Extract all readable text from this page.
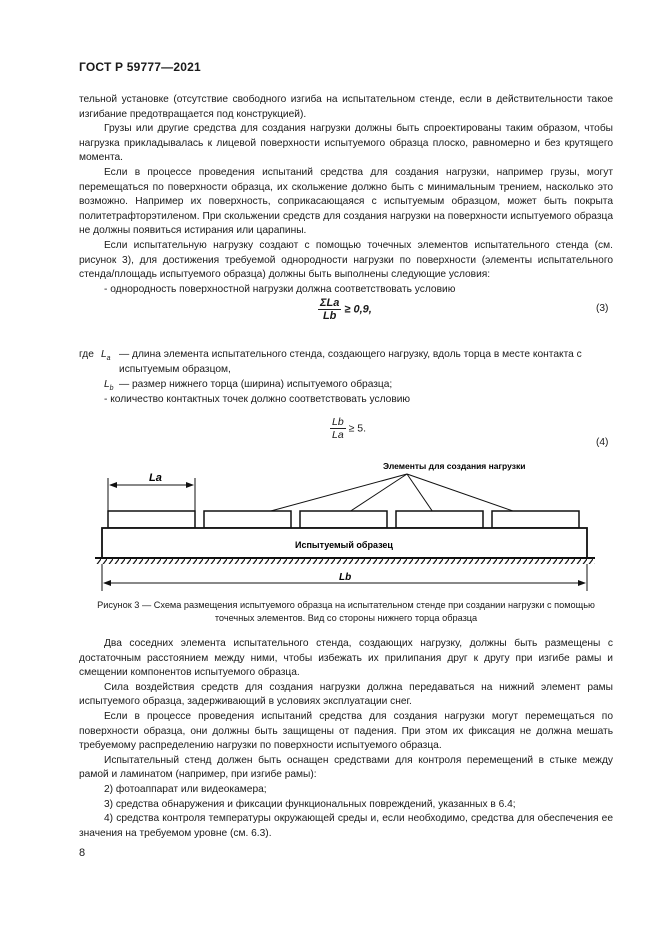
ГОСТ Р 59777—2021

тельной установке (отсутствие свободного изгиба на испытательном стенде, если в действительности такое изгибание предотвращается под конструкцией).

Грузы или другие средства для создания нагрузки должны быть спроектированы таким образом, чтобы нагрузка прикладывалась к лицевой поверхности испытуемого образца плоско, равномерно и без крутящего момента.

Если в процессе проведения испытаний средства для создания нагрузки, например грузы, могут перемещаться по поверхности образца, их скольжение должно быть с минимальным трением, насколько это возможно. Например их поверхность, соприкасающаяся с испытуемым образцом, может быть покрыта политетрафторэтиленом. При скольжении средств для создания нагрузки на поверхности испытуемого образца не должны появиться истирания или царапины.

Если испытательную нагрузку создают с помощью точечных элементов испытательного стенда (см. рисунок 3), для достижения требуемой однородности нагрузки по поверхности (элементы испытательного стенда/площадь испытуемого образца) должны быть выполнены следующие условия:

- однородность поверхностной нагрузки должна соответствовать условию

$\frac{\text{ΣLa}}{Lb} \ge 0,9$,	(3)
где $L_a$ — длина элемента испытательного стенда, создающего нагрузку, вдоль торца в месте контакта с испытуемым образцом,
$L_b$ — размер нижнего торца (ширина) испытуемого образца;
- количество контактных точек должно соответствовать условию
$\frac{Lb}{La} \ge 5$.
(4)
La
Элементы для создания нагрузки
Испытуемый образец
Lb
Рисунок 3 — Схема размещения испытуемого образца на испытательном стенде при создании нагрузки с помощью точечных элементов. Вид со стороны нижнего торца образца

Два соседних элемента испытательного стенда, создающих нагрузку, должны быть размещены с достаточным расстоянием между ними, чтобы избежать их прилипания друг к другу при изгибе рамы и смещении компонентов испытуемого образца.

Сила воздействия средств для создания нагрузки должна передаваться на нижний элемент рамы испытуемого образца, задерживающий в условиях эксплуатации снег.

Если в процессе проведения испытаний средства для создания нагрузки могут перемещаться по поверхности образца, они должны быть защищены от падения. При этом их фиксация не должна мешать требуемому распределению нагрузки по поверхности испытуемого образца.

Испытательный стенд должен быть оснащен средствами для контроля перемещений в стыке между рамой и ламинатом (например, при изгибе рамы):

2) фотоаппарат или видеокамера;

3) средства обнаружения и фиксации функциональных повреждений, указанных в 6.4;

4) средства контроля температуры окружающей среды и, если необходимо, средства для обеспечения ее значения на требуемом уровне (см. 6.3).

8
